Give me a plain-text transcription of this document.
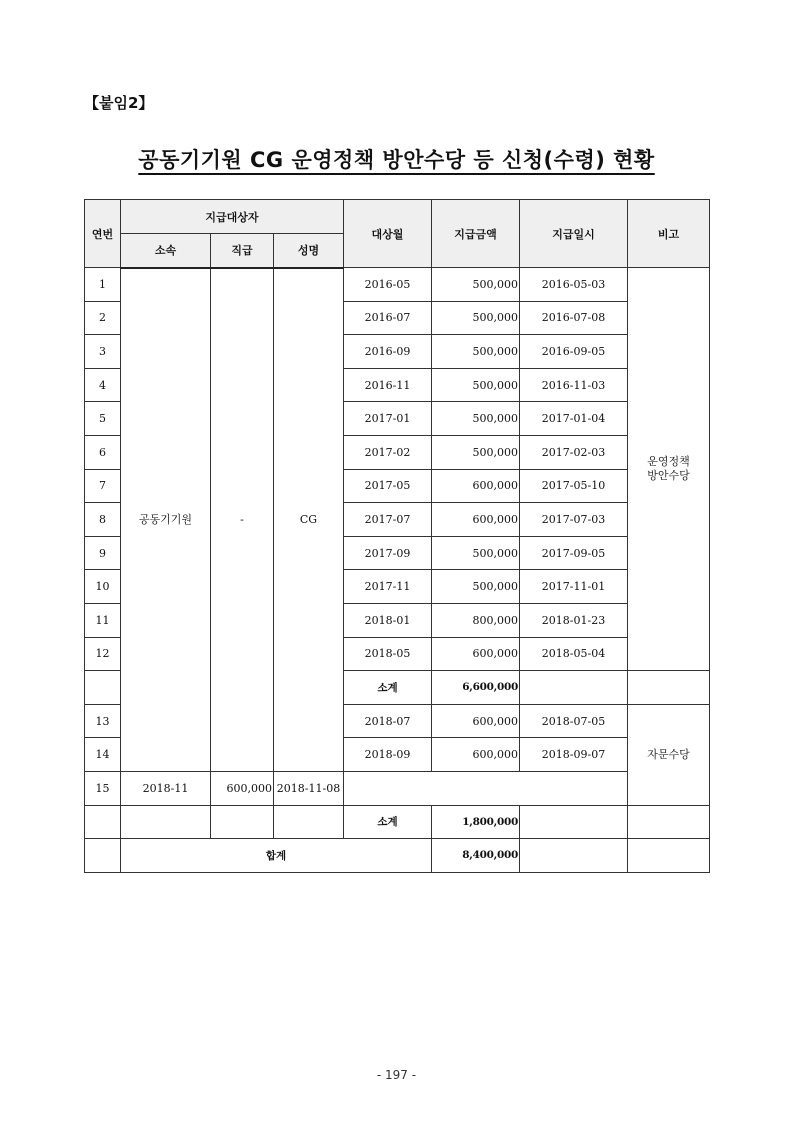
【붙임2】
공동기기원 CG 운영정책 방안수당 등 신청(수령) 현황
연번	지급대상자			대상월	지급금액	지급일시	비고
	소속	직급	성명				
1	공동기기원	-	CG	2016-05	500,000	2016-05-03	운영정책
방안수당
2				2016-07	500,000	2016-07-08	
3				2016-09	500,000	2016-09-05	
4				2016-11	500,000	2016-11-03	
5				2017-01	500,000	2017-01-04	
6				2017-02	500,000	2017-02-03	
7				2017-05	600,000	2017-05-10	
8				2017-07	600,000	2017-07-03	
9				2017-09	500,000	2017-09-05	
10				2017-11	500,000	2017-11-01	
11				2018-01	800,000	2018-01-23	
12				2018-05	600,000	2018-05-04	
				소계	6,600,000		
13				2018-07	600,000	2018-07-05	자문수당
14				2018-09	600,000	2018-09-07	
15	2018-11	600,000	2018-11-08				
				소계	1,800,000		
	합계				8,400,000		
- 197 -
